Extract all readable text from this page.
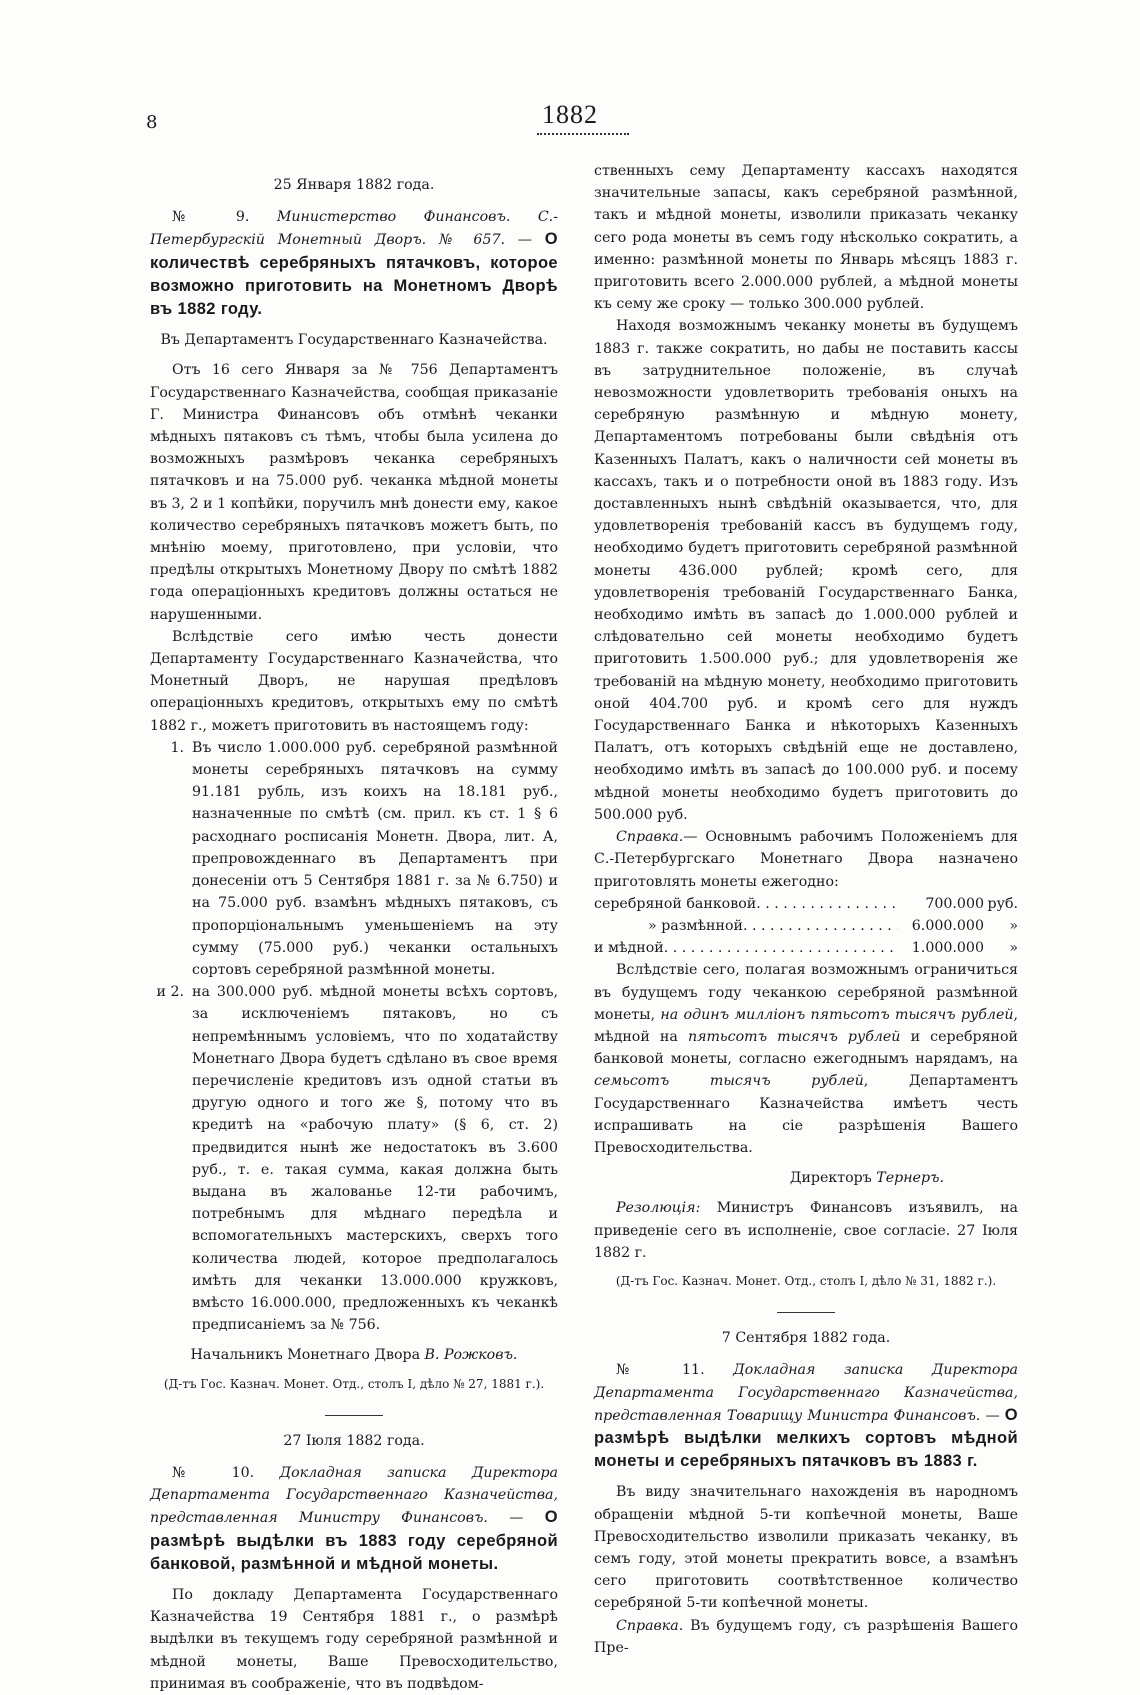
8	1882

25 Января 1882 года.

№ 9. Министерство Финансовъ. С.-Петербургскій Монетный Дворъ. № 657. — О количествѣ серебряныхъ пятачковъ, которое возможно приготовить на Монетномъ Дворѣ въ 1882 году.

Въ Департаментъ Государственнаго Казначейства.

Отъ 16 сего Января за № 756 Департаментъ Государственнаго Казначейства, сообщая приказаніе Г. Министра Финансовъ объ отмѣнѣ чеканки мѣдныхъ пятаковъ съ тѣмъ, чтобы была усилена до возможныхъ размѣровъ чеканка серебряныхъ пятачковъ и на 75.000 руб. чеканка мѣдной монеты въ 3, 2 и 1 копѣйки, поручилъ мнѣ донести ему, какое количество серебряныхъ пятачковъ можетъ быть, по мнѣнію моему, приготовлено, при условіи, что предѣлы открытыхъ Монетному Двору по смѣтѣ 1882 года операціонныхъ кредитовъ должны остаться не нарушенными.

Вслѣдствіе сего имѣю честь донести Департаменту Государственнаго Казначейства, что Монетный Дворъ, не нарушая предѣловъ операціонныхъ кредитовъ, открытыхъ ему по смѣтѣ 1882 г., можетъ приготовить въ настоящемъ году:

1. Въ число 1.000.000 руб. серебряной размѣнной монеты серебряныхъ пятачковъ на сумму 91.181 рубль, изъ коихъ на 18.181 руб., назначенные по смѣтѣ (см. прил. къ ст. 1 § 6 расходнаго росписанія Монетн. Двора, лит. А, препровожденнаго въ Департаментъ при донесеніи отъ 5 Сентября 1881 г. за № 6.750) и на 75.000 руб. взамѣнъ мѣдныхъ пятаковъ, съ пропорціональнымъ уменьшеніемъ на эту сумму (75.000 руб.) чеканки остальныхъ сортовъ серебряной размѣнной монеты.
и 2. на 300.000 руб. мѣдной монеты всѣхъ сортовъ, за исключеніемъ пятаковъ, но съ непремѣннымъ условіемъ, что по ходатайству Монетнаго Двора будетъ сдѣлано въ свое время перечисленіе кредитовъ изъ одной статьи въ другую одного и того же §, потому что въ кредитѣ на «рабочую плату» (§ 6, ст. 2) предвидится нынѣ же недостатокъ въ 3.600 руб., т. е. такая сумма, какая должна быть выдана въ жалованье 12-ти рабочимъ, потребнымъ для мѣднаго передѣла и вспомогательныхъ мастерскихъ, сверхъ того количества людей, которое предполагалось имѣть для чеканки 13.000.000 кружковъ, вмѣсто 16.000.000, предложенныхъ къ чеканкѣ предписаніемъ за № 756.

Начальникъ Монетнаго Двора В. Рожковъ.

(Д-тъ Гос. Казнач. Монет. Отд., столъ I, дѣло № 27, 1881 г.).

27 Іюля 1882 года.

№ 10. Докладная записка Директора Департамента Государственнаго Казначейства, представленная Министру Финансовъ. — О размѣрѣ выдѣлки въ 1883 году серебряной банковой, размѣнной и мѣдной монеты.

По докладу Департамента Государственнаго Казначейства 19 Сентября 1881 г., о размѣрѣ выдѣлки въ текущемъ году серебряной размѣнной и мѣдной монеты, Ваше Превосходительство, принимая въ соображеніе, что въ подвѣдом-

ственныхъ сему Департаменту кассахъ находятся значительные запасы, какъ серебряной размѣнной, такъ и мѣдной монеты, изволили приказать чеканку сего рода монеты въ семъ году нѣсколько сократить, а именно: размѣнной монеты по Январь мѣсяцъ 1883 г. приготовить всего 2.000.000 рублей, а мѣдной монеты къ сему же сроку — только 300.000 рублей.

Находя возможнымъ чеканку монеты въ будущемъ 1883 г. также сократить, но дабы не поставить кассы въ затруднительное положеніе, въ случаѣ невозможности удовлетворить требованія оныхъ на серебряную размѣнную и мѣдную монету, Департаментомъ потребованы были свѣдѣнія отъ Казенныхъ Палатъ, какъ о наличности сей монеты въ кассахъ, такъ и о потребности оной въ 1883 году. Изъ доставленныхъ нынѣ свѣдѣній оказывается, что, для удовлетворенія требованій кассъ въ будущемъ году, необходимо будетъ приготовить серебряной размѣнной монеты 436.000 рублей; кромѣ сего, для удовлетворенія требованій Государственнаго Банка, необходимо имѣть въ запасѣ до 1.000.000 рублей и слѣдовательно сей монеты необходимо будетъ приготовить 1.500.000 руб.; для удовлетворенія же требованій на мѣдную монету, необходимо приготовить оной 404.700 руб. и кромѣ сего для нуждъ Государственнаго Банка и нѣкоторыхъ Казенныхъ Палатъ, отъ которыхъ свѣдѣній еще не доставлено, необходимо имѣть въ запасѣ до 100.000 руб. и посему мѣдной монеты необходимо будетъ приготовить до 500.000 руб.

Справка.— Основнымъ рабочимъ Положеніемъ для С.-Петербургскаго Монетнаго Двора назначено приготовлять монеты ежегодно:

серебряной банковой . . .	700.000 руб.
» размѣнной . . .	6.000.000	»
и мѣдной . . .	1.000.000	»

Вслѣдствіе сего, полагая возможнымъ ограничиться въ будущемъ году чеканкою серебряной размѣнной монеты, на одинъ милліонъ пятьсотъ тысячъ рублей, мѣдной на пятьсотъ тысячъ рублей и серебряной банковой монеты, согласно ежегоднымъ нарядамъ, на семьсотъ тысячъ рублей, Департаментъ Государственнаго Казначейства имѣетъ честь испрашивать на сіе разрѣшенія Вашего Превосходительства.

Директоръ Тернеръ.

Резолюція: Министръ Финансовъ изъявилъ, на приведеніе сего въ исполненіе, свое согласіе. 27 Іюля 1882 г.

(Д-тъ Гос. Казнач. Монет. Отд., столъ I, дѣло № 31, 1882 г.).

7 Сентября 1882 года.

№ 11. Докладная записка Директора Департамента Государственнаго Казначейства, представленная Товарищу Министра Финансовъ. — О размѣрѣ выдѣлки мелкихъ сортовъ мѣдной монеты и серебряныхъ пятачковъ въ 1883 г.

Въ виду значительнаго нахожденія въ народномъ обращеніи мѣдной 5-ти копѣечной монеты, Ваше Превосходительство изволили приказать чеканку, въ семъ году, этой монеты прекратить вовсе, а взамѣнъ сего приготовить соотвѣтственное количество серебряной 5-ти копѣечной монеты.

Справка. Въ будущемъ году, съ разрѣшенія Вашего Пре-
